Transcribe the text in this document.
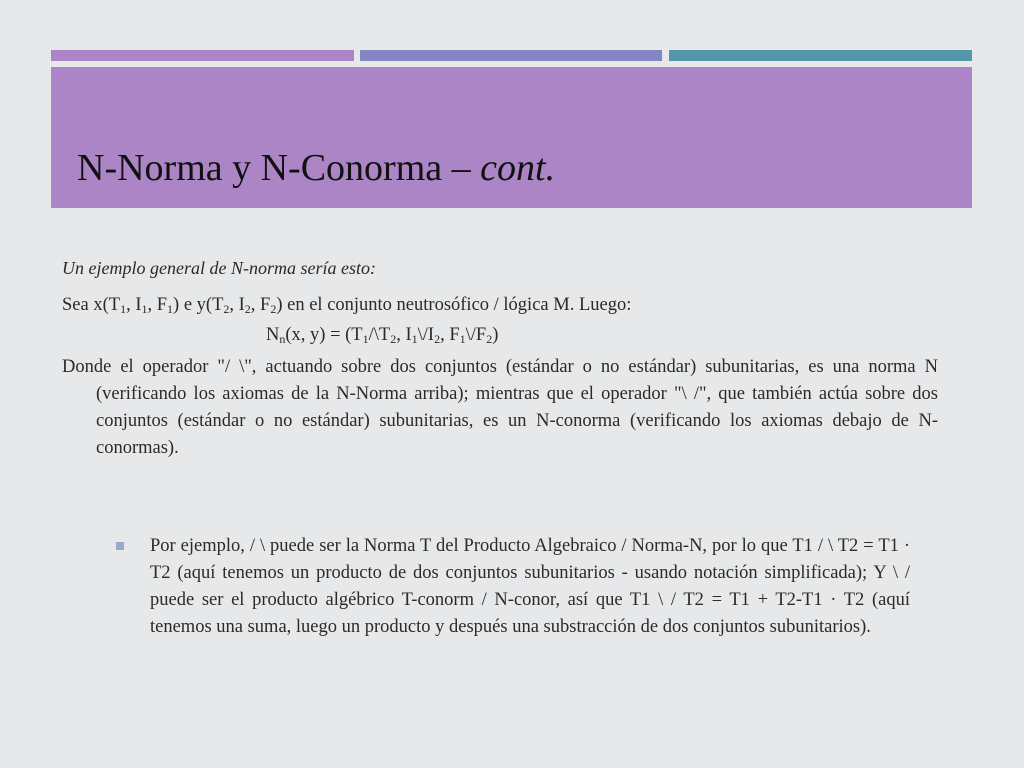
N-Norma y N-Conorma – cont.

Un ejemplo general de N-norma sería esto:

Sea $x(T_1$, $I_1$, $F_1$) e $y(T_2$, $I_2$, $F_2$) en el conjunto neutrosófico / lógica M. Luego:

$N_n(x$, $y) = (T_1/\backslash T_2$, $I_1\backslash/I_2$, $F_1\backslash/F_2$)

Donde el operador "/ \", actuando sobre dos conjuntos (estándar o no estándar) subunitarias, es una norma N (verificando los axiomas de la N-Norma arriba); mientras que el operador "\ /", que también actúa sobre dos conjuntos (estándar o no estándar) subunitarias, es un N-conorma (verificando los axiomas debajo de N-conormas).

Por ejemplo, / \ puede ser la Norma T del Producto Algebraico / Norma-N, por lo que T1 / \ T2 = T1 · T2 (aquí tenemos un producto de dos conjuntos subunitarios - usando notación simplificada); Y \ / puede ser el producto algébrico T-conorm / N-conor, así que T1 \ / T2 = T1 + T2-T1 · T2 (aquí tenemos una suma, luego un producto y después una substracción de dos conjuntos subunitarios).
